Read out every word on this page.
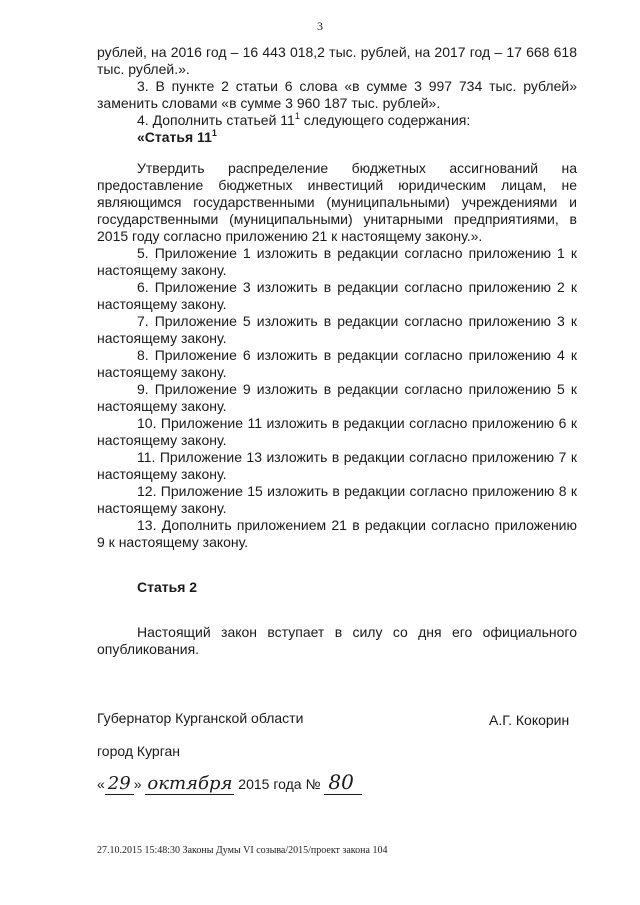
3

рублей, на 2016 год – 16 443 018,2 тыс. рублей, на 2017 год – 17 668 618 тыс. рублей.».

3. В пункте 2 статьи 6 слова «в сумме 3 997 734 тыс. рублей» заменить словами «в сумме 3 960 187 тыс. рублей».

4. Дополнить статьей $11^1$ следующего содержания:

«Статья $11^1$

Утвердить распределение бюджетных ассигнований на предоставление бюджетных инвестиций юридическим лицам, не являющимся государственными (муниципальными) учреждениями и государственными (муниципальными) унитарными предприятиями, в 2015 году согласно приложению 21 к настоящему закону.».

5. Приложение 1 изложить в редакции согласно приложению 1 к настоящему закону.

6. Приложение 3 изложить в редакции согласно приложению 2 к настоящему закону.

7. Приложение 5 изложить в редакции согласно приложению 3 к настоящему закону.

8. Приложение 6 изложить в редакции согласно приложению 4 к настоящему закону.

9. Приложение 9 изложить в редакции согласно приложению 5 к настоящему закону.

10. Приложение 11 изложить в редакции согласно приложению 6 к настоящему закону.

11. Приложение 13 изложить в редакции согласно приложению 7 к настоящему закону.

12. Приложение 15 изложить в редакции согласно приложению 8 к настоящему закону.

13. Дополнить приложением 21 в редакции согласно приложению 9 к настоящему закону.

Статья 2

Настоящий закон вступает в силу со дня его официального опубликования.

Губернатор Курганской области	А.Г. Кокорин
город Курган
« 29 » октября 2015 года № 80
27.10.2015 15:48:30 Законы Думы VI созыва/2015/проект закона 104
